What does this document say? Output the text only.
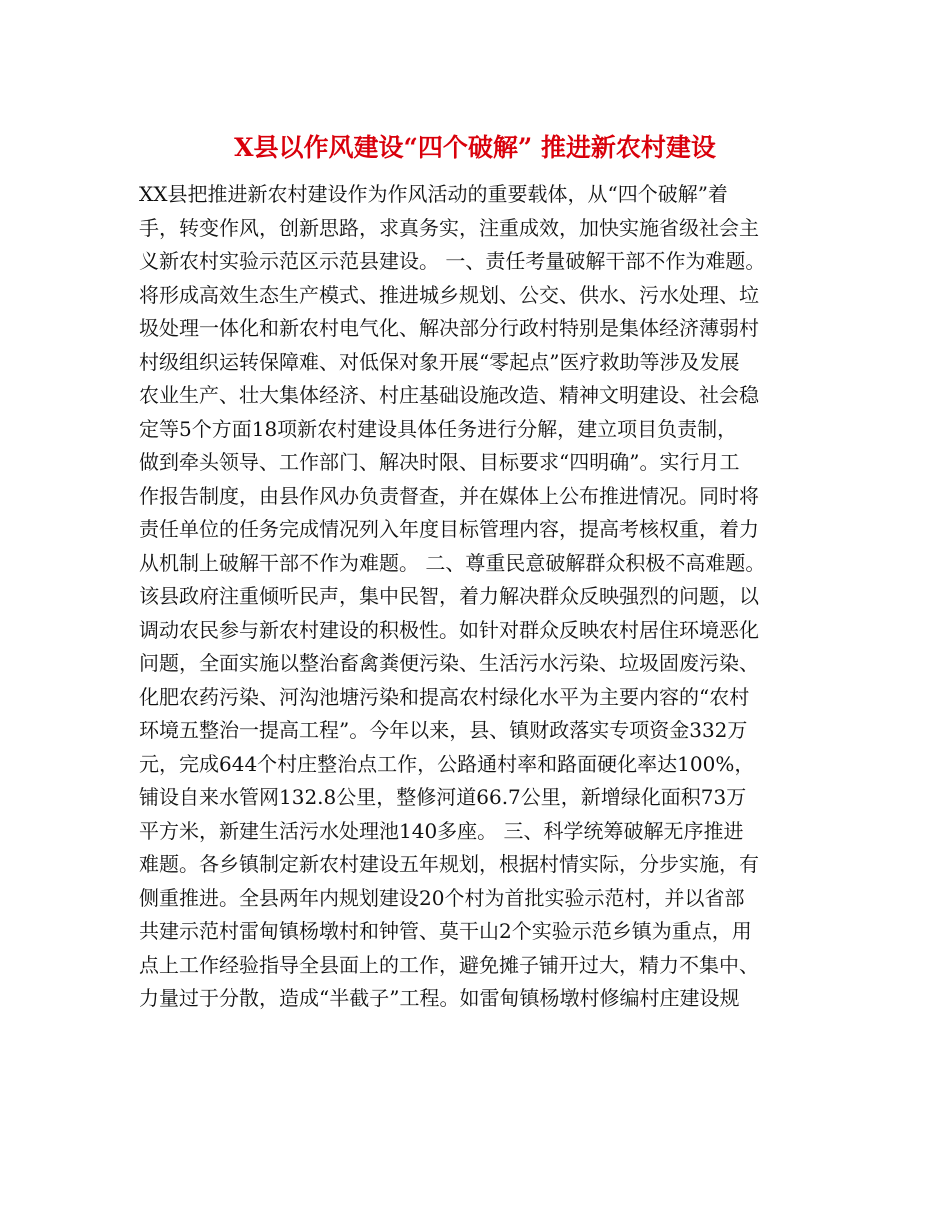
X县以作风建设“四个破解” 推进新农村建设
XX县把推进新农村建设作为作风活动的重要载体，从“四个破解”着
手，转变作风，创新思路，求真务实，注重成效，加快实施省级社会主
义新农村实验示范区示范县建设。 一、责任考量破解干部不作为难题。
将形成高效生态生产模式、推进城乡规划、公交、供水、污水处理、垃
圾处理一体化和新农村电气化、解决部分行政村特别是集体经济薄弱村
村级组织运转保障难、对低保对象开展“零起点”医疗救助等涉及发展
农业生产、壮大集体经济、村庄基础设施改造、精神文明建设、社会稳
定等5个方面18项新农村建设具体任务进行分解，建立项目负责制，
做到牵头领导、工作部门、解决时限、目标要求“四明确”。实行月工
作报告制度，由县作风办负责督查，并在媒体上公布推进情况。同时将
责任单位的任务完成情况列入年度目标管理内容，提高考核权重，着力
从机制上破解干部不作为难题。 二、尊重民意破解群众积极不高难题。
该县政府注重倾听民声，集中民智，着力解决群众反映强烈的问题，以
调动农民参与新农村建设的积极性。如针对群众反映农村居住环境恶化
问题，全面实施以整治畜禽粪便污染、生活污水污染、垃圾固废污染、
化肥农药污染、河沟池塘污染和提高农村绿化水平为主要内容的“农村
环境五整治一提高工程”。今年以来，县、镇财政落实专项资金332万
元，完成644个村庄整治点工作，公路通村率和路面硬化率达100%，
铺设自来水管网132.8公里，整修河道66.7公里，新增绿化面积73万
平方米，新建生活污水处理池140多座。 三、科学统筹破解无序推进
难题。各乡镇制定新农村建设五年规划，根据村情实际，分步实施，有
侧重推进。全县两年内规划建设20个村为首批实验示范村，并以省部
共建示范村雷甸镇杨墩村和钟管、莫干山2个实验示范乡镇为重点，用
点上工作经验指导全县面上的工作，避免摊子铺开过大，精力不集中、
力量过于分散，造成“半截子”工程。如雷甸镇杨墩村修编村庄建设规
